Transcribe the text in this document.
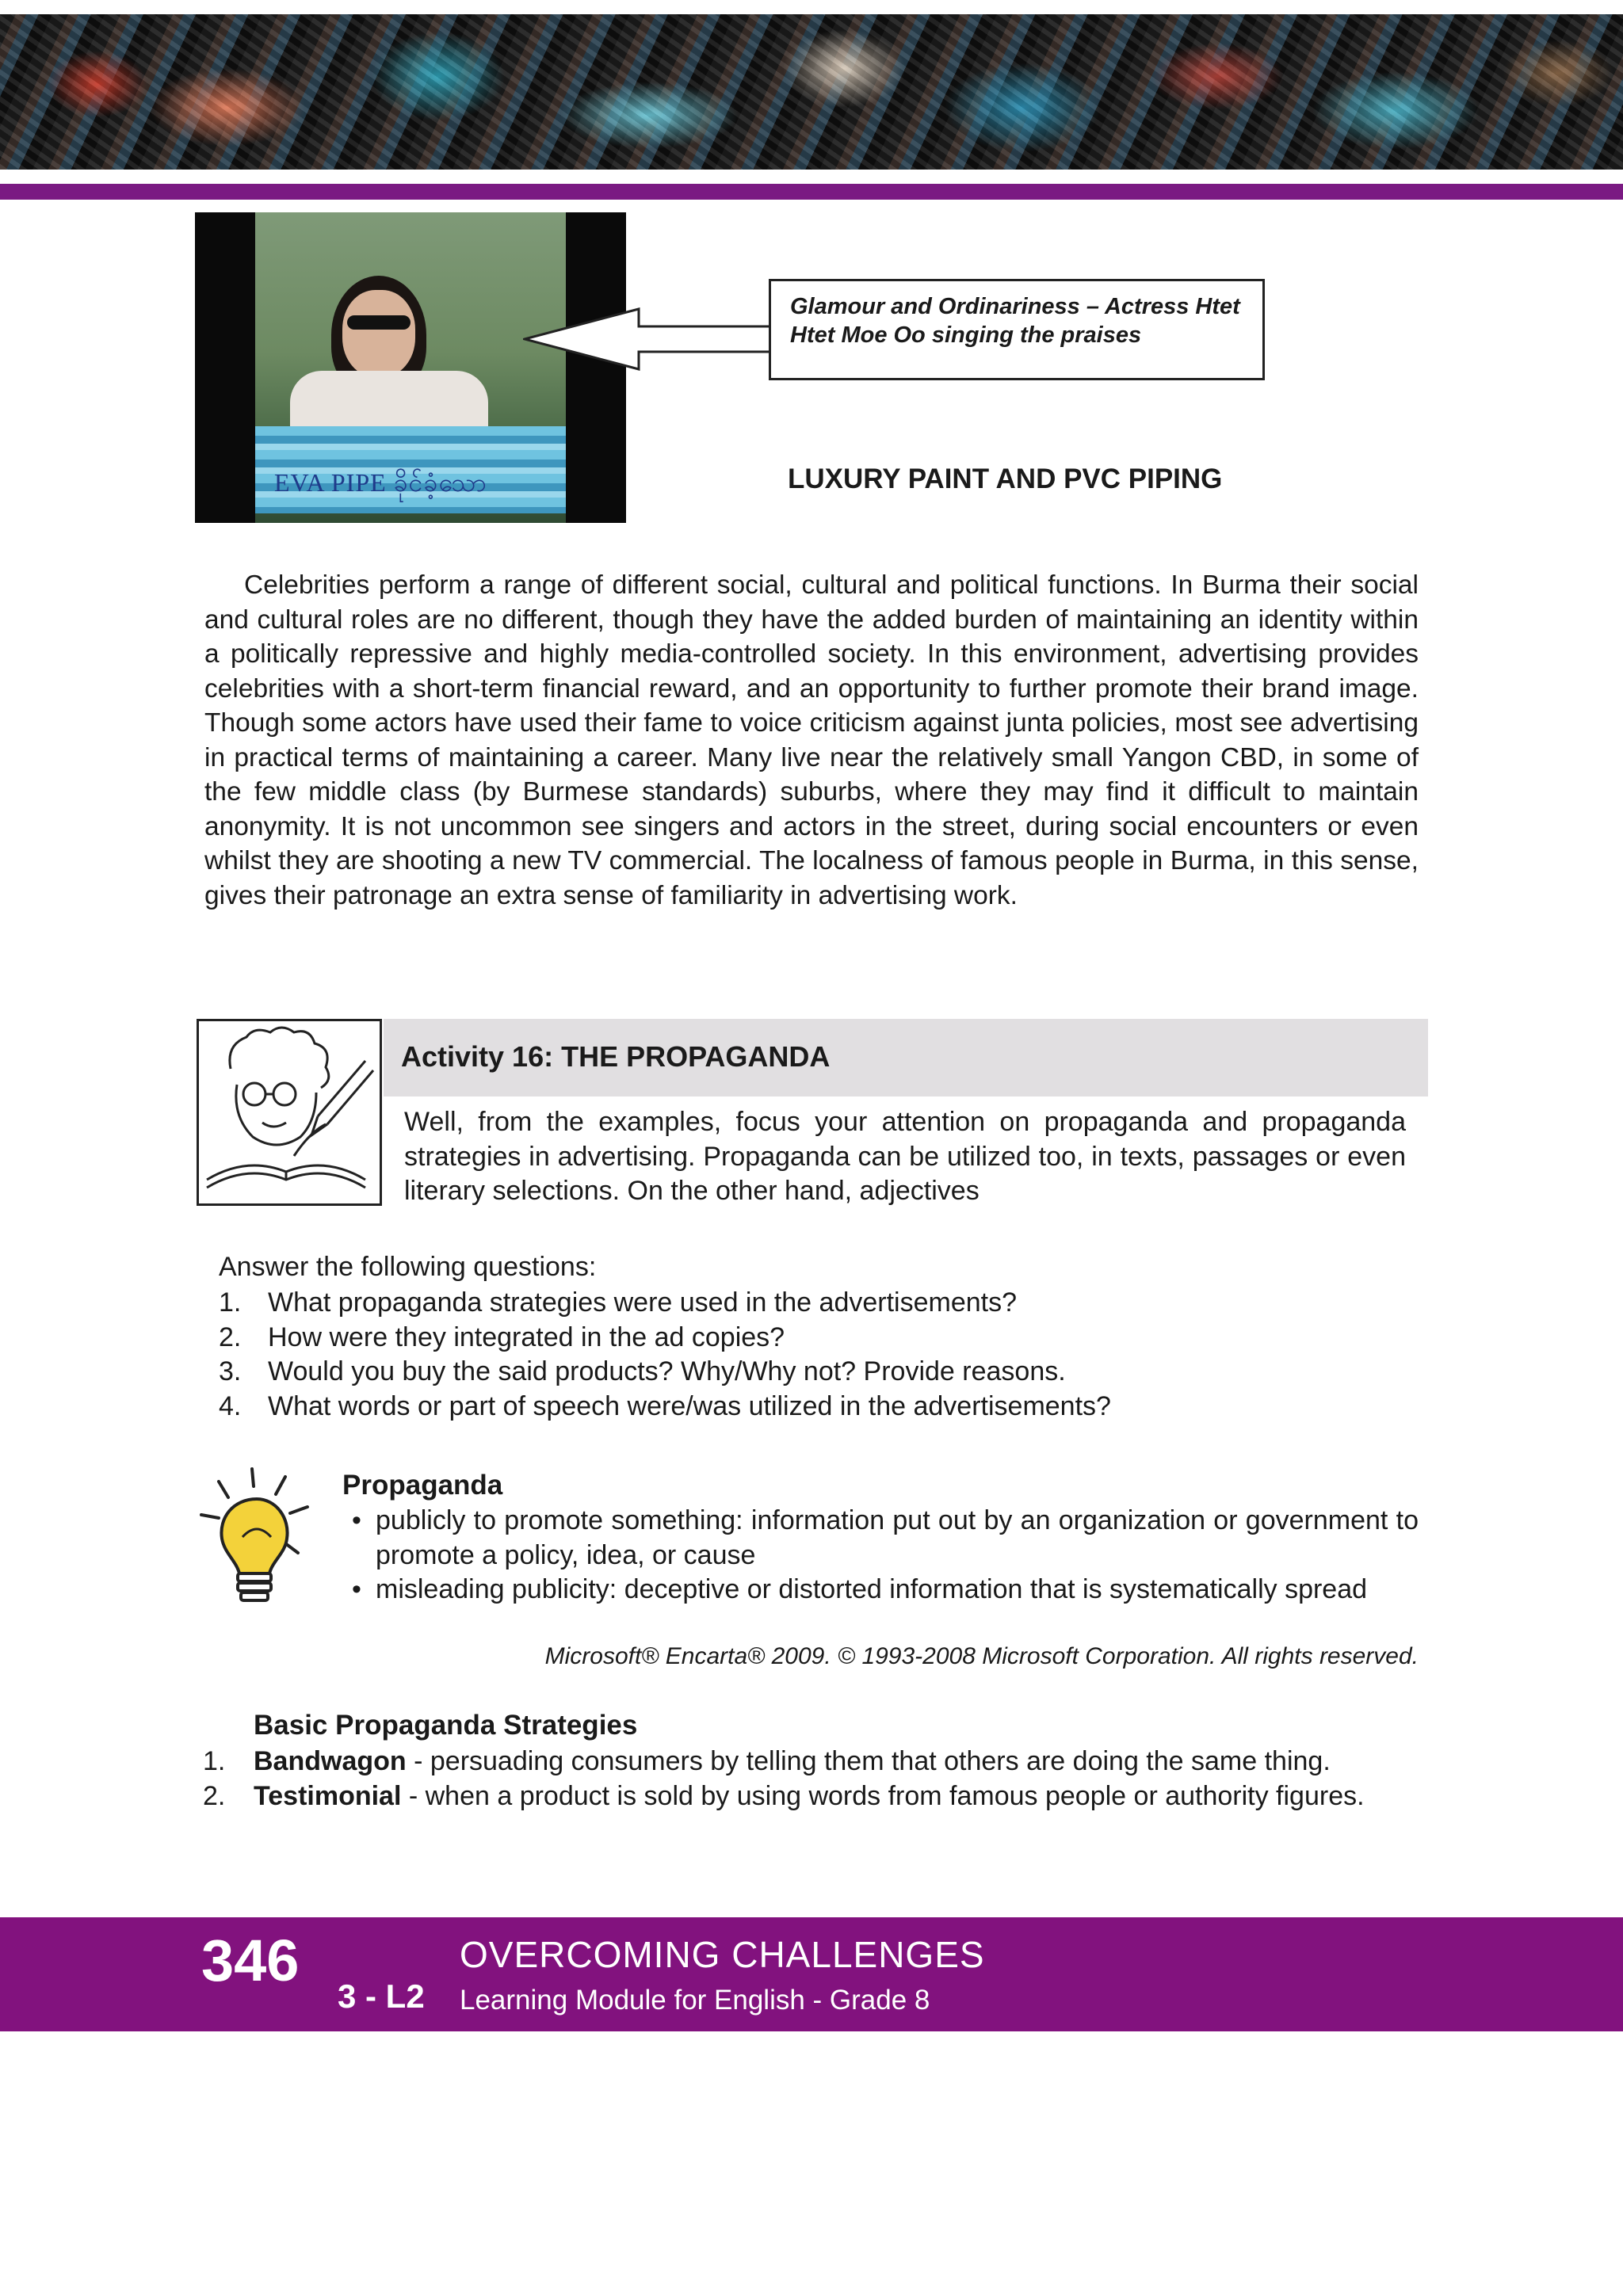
EVA PIPE ခိုင်ခံ့သော
Glamour and Ordinariness – Actress Htet Htet Moe Oo singing the praises
LUXURY PAINT AND PVC PIPING
Celebrities perform a range of different social, cultural and political functions. In Burma their social and cultural roles are no different, though they have the added burden of maintaining an identity within a politically repressive and highly media-controlled society. In this environment, advertising provides celebrities with a short-term financial reward, and an opportunity to further promote their brand image. Though some actors have used their fame to voice criticism against junta policies, most see advertising in practical terms of maintaining a career. Many live near the relatively small Yangon CBD, in some of the few middle class (by Burmese standards) suburbs, where they may find it difficult to maintain anonymity. It is not uncommon see singers and actors in the street, during social encounters or even whilst they are shooting a new TV commercial. The localness of famous people in Burma, in this sense, gives their patronage an extra sense of familiarity in advertising work.
Activity 16: THE PROPAGANDA
Well, from the examples, focus your attention on propaganda and propaganda strategies in advertising. Propaganda can be utilized too, in texts, passages or even literary selections. On the other hand, adjectives
Answer the following questions:
1. What propaganda strategies were used in the advertisements?
2. How were they integrated in the ad copies?
3. Would you buy the said products? Why/Why not? Provide reasons.
4. What words or part of speech were/was utilized in the advertisements?
Propaganda
• publicly to promote something: information put out by an organization or government to promote a policy, idea, or cause
• misleading publicity: deceptive or distorted information that is systematically spread
Microsoft® Encarta® 2009. © 1993-2008 Microsoft Corporation. All rights reserved.
Basic Propaganda Strategies
1. Bandwagon - persuading consumers by telling them that others are doing the same thing.
2. Testimonial - when a product is sold by using words from famous people or authority figures.
346	OVERCOMING CHALLENGES
3 - L2 Learning Module for English - Grade 8
